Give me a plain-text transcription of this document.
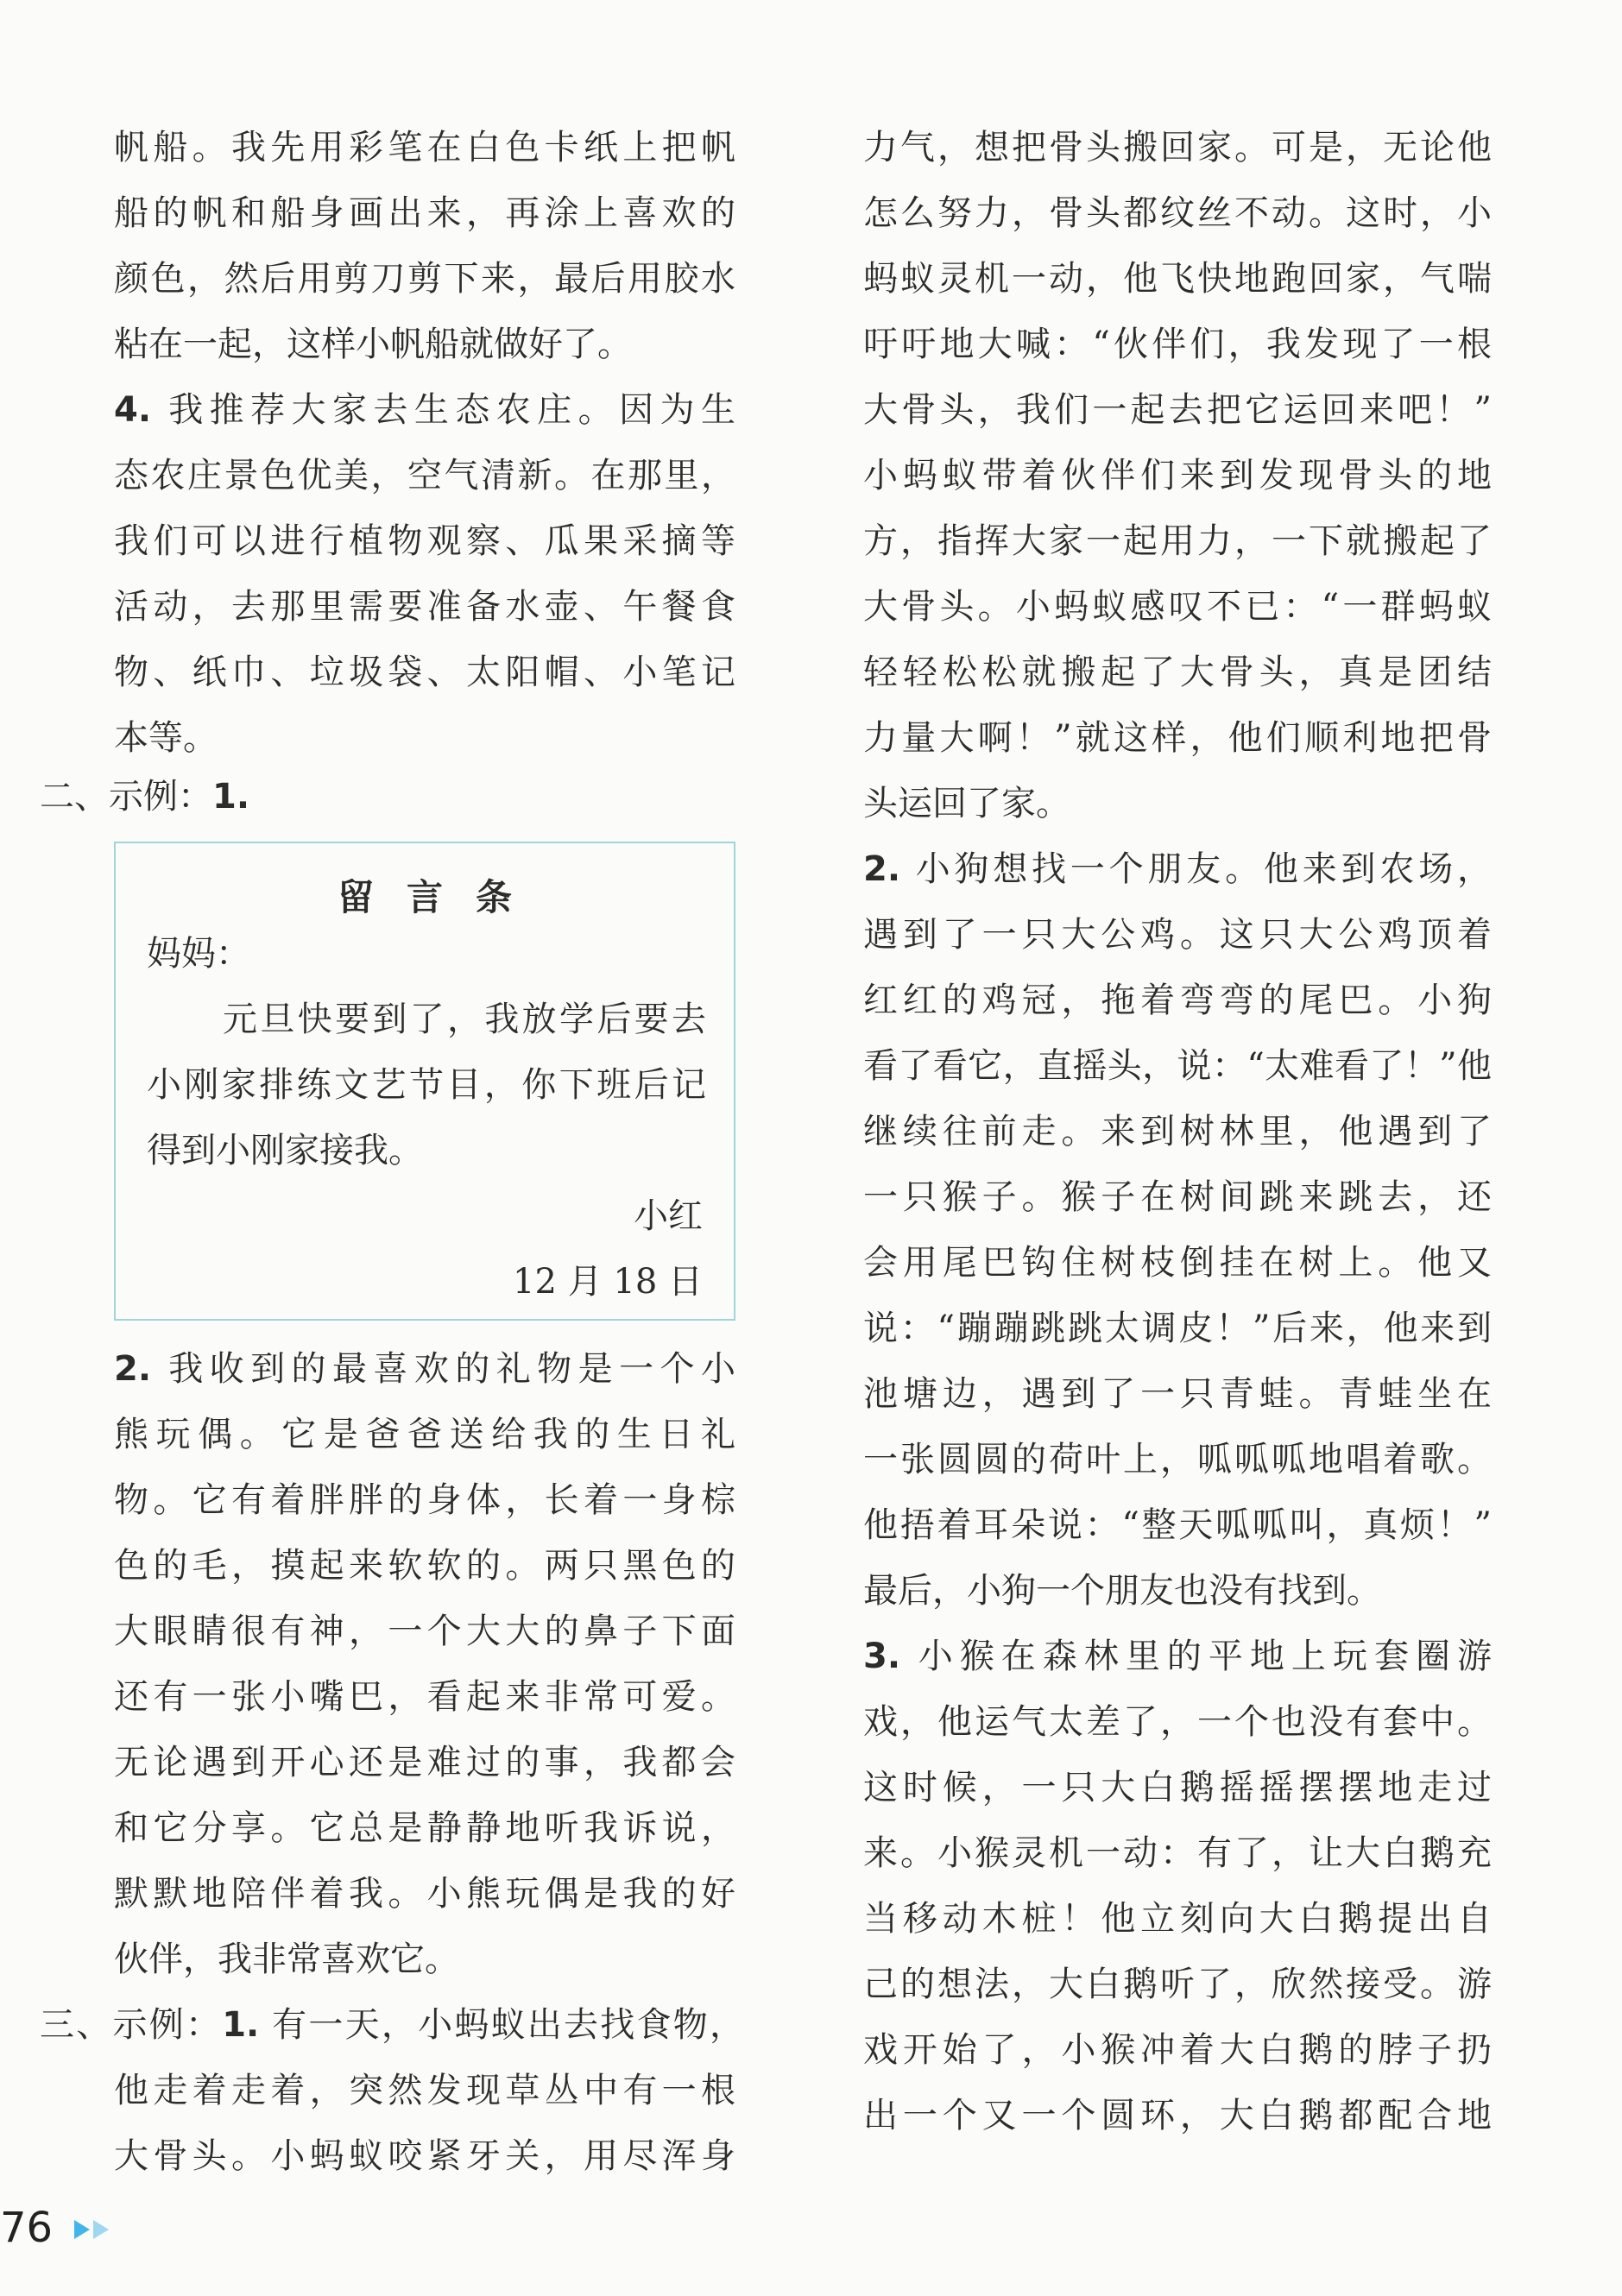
帆船。我先用彩笔在白色卡纸上把帆
船的帆和船身画出来，再涂上喜欢的
颜色，然后用剪刀剪下来，最后用胶水
粘在一起，这样小帆船就做好了。
4. 我推荐大家去生态农庄。因为生
态农庄景色优美，空气清新。在那里，
我们可以进行植物观察、瓜果采摘等
活动，去那里需要准备水壶、午餐食
物、纸巾、垃圾袋、太阳帽、小笔记
本等。
二、示例：1.
留言条
妈妈：
元旦快要到了，我放学后要去
小刚家排练文艺节目，你下班后记
得到小刚家接我。
小红
12 月 18 日
2. 我收到的最喜欢的礼物是一个小
熊玩偶。它是爸爸送给我的生日礼
物。它有着胖胖的身体，长着一身棕
色的毛，摸起来软软的。两只黑色的
大眼睛很有神，一个大大的鼻子下面
还有一张小嘴巴，看起来非常可爱。
无论遇到开心还是难过的事，我都会
和它分享。它总是静静地听我诉说，
默默地陪伴着我。小熊玩偶是我的好
伙伴，我非常喜欢它。
三、示例：1. 有一天，小蚂蚁出去找食物，
他走着走着，突然发现草丛中有一根
大骨头。小蚂蚁咬紧牙关，用尽浑身
力气，想把骨头搬回家。可是，无论他
怎么努力，骨头都纹丝不动。这时，小
蚂蚁灵机一动，他飞快地跑回家，气喘
吁吁地大喊：“伙伴们，我发现了一根
大骨头，我们一起去把它运回来吧！”
小蚂蚁带着伙伴们来到发现骨头的地
方，指挥大家一起用力，一下就搬起了
大骨头。小蚂蚁感叹不已：“一群蚂蚁
轻轻松松就搬起了大骨头，真是团结
力量大啊！”就这样，他们顺利地把骨
头运回了家。
2. 小狗想找一个朋友。他来到农场，
遇到了一只大公鸡。这只大公鸡顶着
红红的鸡冠，拖着弯弯的尾巴。小狗
看了看它，直摇头，说：“太难看了！”他
继续往前走。来到树林里，他遇到了
一只猴子。猴子在树间跳来跳去，还
会用尾巴钩住树枝倒挂在树上。他又
说：“蹦蹦跳跳太调皮！”后来，他来到
池塘边，遇到了一只青蛙。青蛙坐在
一张圆圆的荷叶上，呱呱呱地唱着歌。
他捂着耳朵说：“整天呱呱叫，真烦！”
最后，小狗一个朋友也没有找到。
3. 小猴在森林里的平地上玩套圈游
戏，他运气太差了，一个也没有套中。
这时候，一只大白鹅摇摇摆摆地走过
来。小猴灵机一动：有了，让大白鹅充
当移动木桩！他立刻向大白鹅提出自
己的想法，大白鹅听了，欣然接受。游
戏开始了，小猴冲着大白鹅的脖子扔
出一个又一个圆环，大白鹅都配合地
76
